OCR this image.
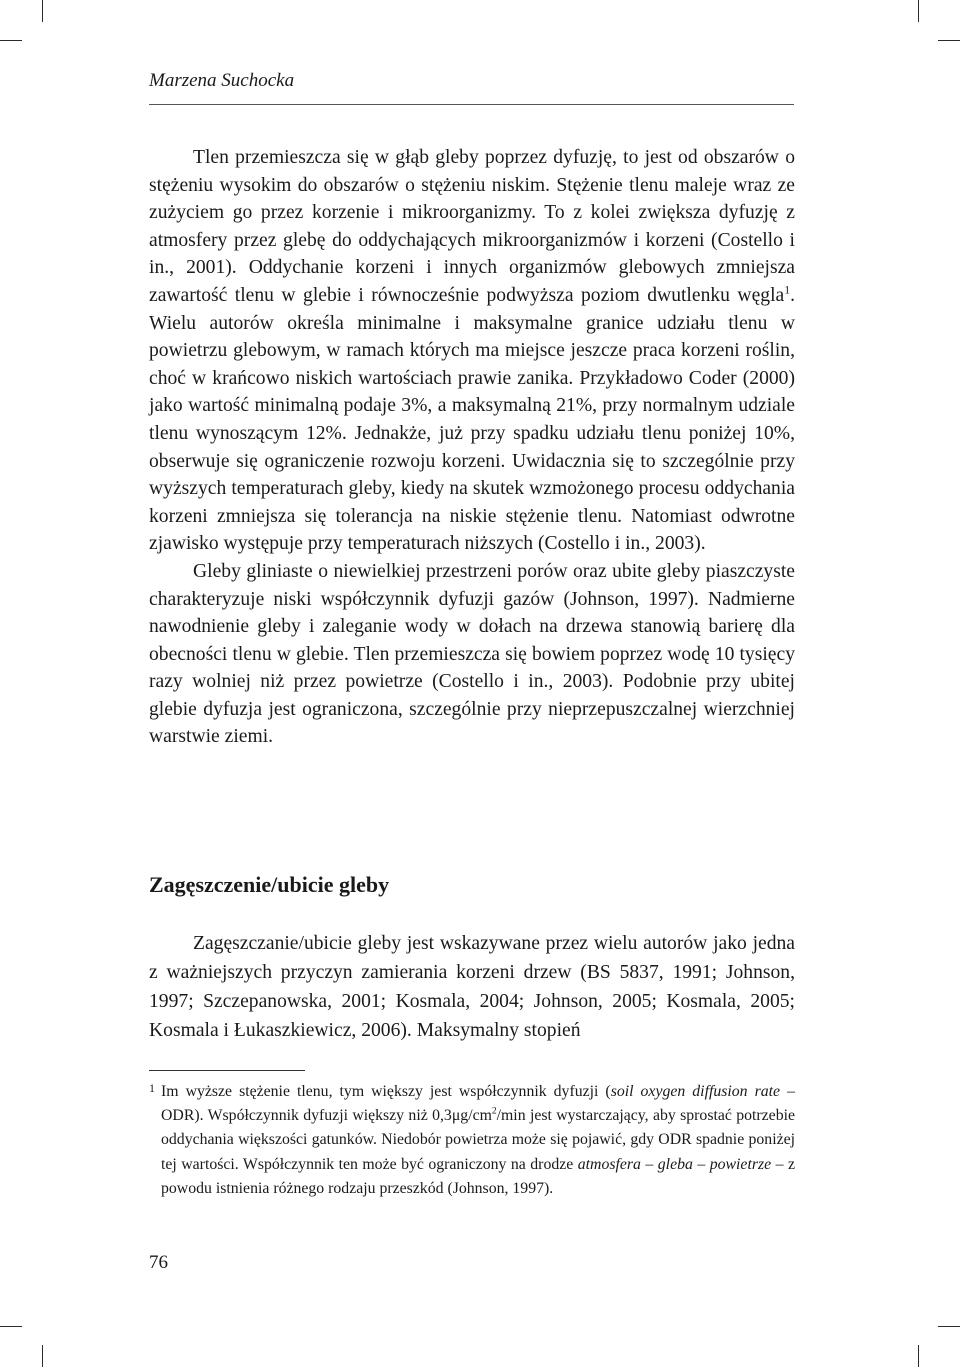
Marzena Suchocka

Tlen przemieszcza się w głąb gleby poprzez dyfuzję, to jest od obszarów o stężeniu wysokim do obszarów o stężeniu niskim. Stężenie tlenu maleje wraz ze zużyciem go przez korzenie i mikroorganizmy. To z kolei zwiększa dyfuzję z atmosfery przez glebę do oddychających mikroorganizmów i korzeni (Costello i in., 2001). Oddychanie korzeni i innych organizmów glebowych zmniejsza zawartość tlenu w glebie i równocześnie podwyższa poziom dwutlenku węgla$^1$. Wielu autorów określa minimalne i maksymalne granice udziału tlenu w powietrzu glebowym, w ramach których ma miejsce jeszcze praca korzeni roślin, choć w krańcowo niskich wartościach prawie zanika. Przykładowo Coder (2000) jako wartość minimalną podaje 3%, a maksymalną 21%, przy normalnym udziale tlenu wynoszącym 12%. Jednakże, już przy spadku udziału tlenu poniżej 10%, obserwuje się ograniczenie rozwoju korzeni. Uwidacznia się to szczególnie przy wyższych temperaturach gleby, kiedy na skutek wzmożonego procesu oddychania korzeni zmniejsza się tolerancja na niskie stężenie tlenu. Natomiast odwrotne zjawisko występuje przy temperaturach niższych (Costello i in., 2003).

Gleby gliniaste o niewielkiej przestrzeni porów oraz ubite gleby piaszczyste charakteryzuje niski współczynnik dyfuzji gazów (Johnson, 1997). Nadmierne nawodnienie gleby i zaleganie wody w dołach na drzewa stanowią barierę dla obecności tlenu w glebie. Tlen przemieszcza się bowiem poprzez wodę 10 tysięcy razy wolniej niż przez powietrze (Costello i in., 2003). Podobnie przy ubitej glebie dyfuzja jest ograniczona, szczególnie przy nieprzepuszczalnej wierzchniej warstwie ziemi.

Zagęszczenie/ubicie gleby

Zagęszczanie/ubicie gleby jest wskazywane przez wielu autorów jako jedna z ważniejszych przyczyn zamierania korzeni drzew (BS 5837, 1991; Johnson, 1997; Szczepanowska, 2001; Kosmala, 2004; Johnson, 2005; Kosmala, 2005; Kosmala i Łukaszkiewicz, 2006). Maksymalny stopień

1 Im wyższe stężenie tlenu, tym większy jest współczynnik dyfuzji (soil oxygen diffusion rate – ODR). Współczynnik dyfuzji większy niż $0,3\mu g/cm^2/\min$ jest wystarczający, aby sprostać potrzebie oddychania większości gatunków. Niedobór powietrza może się pojawić, gdy ODR spadnie poniżej tej wartości. Współczynnik ten może być ograniczony na drodze atmosfera – gleba – powietrze – z powodu istnienia różnego rodzaju przeszkód (Johnson, 1997).
76
